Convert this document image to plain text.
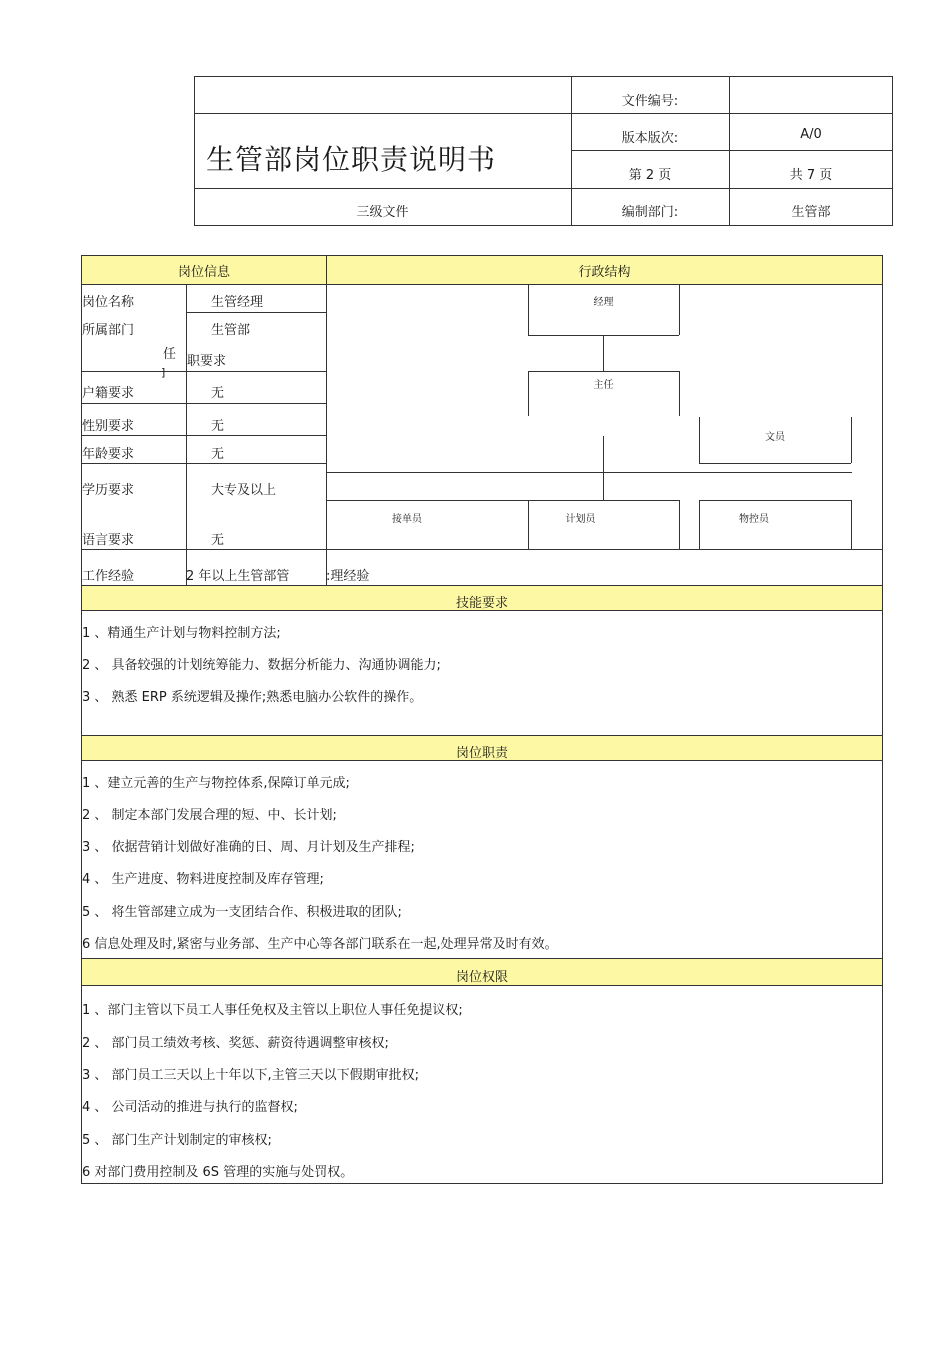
生管部岗位职责说明书
文件编号:
版本版次:	A/0
第 2 页	共 7 页
三级文件	编制部门:	生管部
岗位信息	行政结构
岗位名称	生管经理
所属部门	生管部
任 职要求
]
户籍要求	无
性别要求	无
年龄要求	无
学历要求	大专及以上
语言要求	无
工作经验	2 年以上生管部管	:理经验
经理
主任
文员
接单员	计划员	物控员
技能要求
1 、精通生产计划与物料控制方法;
2 、 具备较强的计划统筹能力、数据分析能力、沟通协调能力;
3 、 熟悉 ERP 系统逻辑及操作;熟悉电脑办公软件的操作。
岗位职责
1 、建立元善的生产与物控体系,保障订单元成;
2 、 制定本部门发展合理的短、中、长计划;
3 、 依据营销计划做好准确的日、周、月计划及生产排程;
4 、 生产进度、物料进度控制及库存管理;
5 、 将生管部建立成为一支团结合作、积极进取的团队;
6 信息处理及时,紧密与业务部、生产中心等各部门联系在一起,处理异常及时有效。
岗位权限
1 、部门主管以下员工人事任免权及主管以上职位人事任免提议权;
2 、 部门员工绩效考核、奖惩、薪资待遇调整审核权;
3 、 部门员工三天以上十年以下,主管三天以下假期审批权;
4 、 公司活动的推进与执行的监督权;
5 、 部门生产计划制定的审核权;
6 对部门费用控制及 6S 管理的实施与处罚权。
